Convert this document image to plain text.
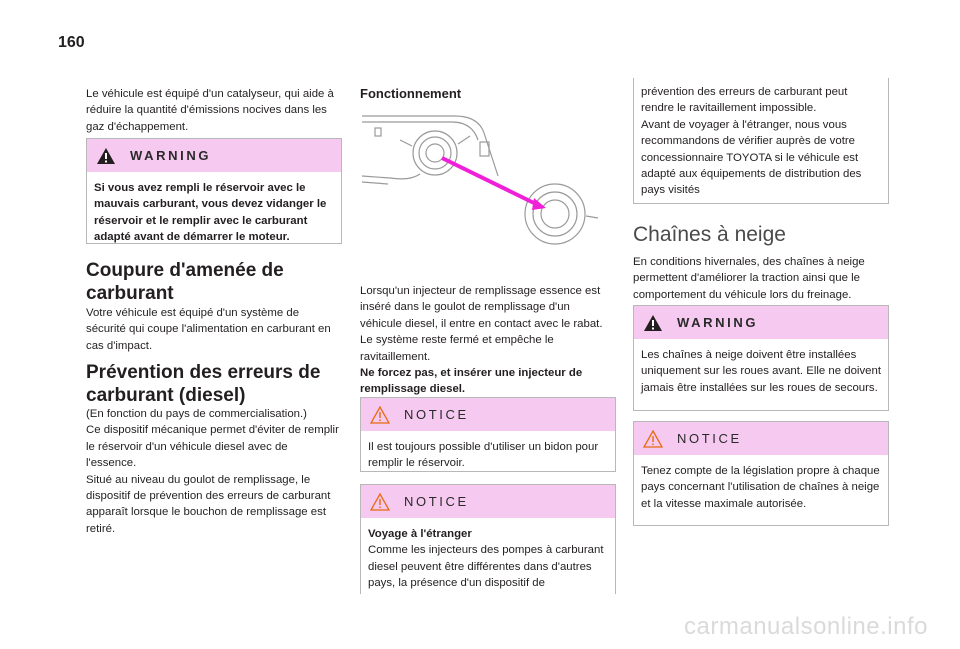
160

Le véhicule est équipé d'un catalyseur, qui aide à réduire la quantité d'émissions nocives dans les gaz d'échappement.

WARNING

Si vous avez rempli le réservoir avec le mauvais carburant, vous devez vidanger le réservoir et le remplir avec le carburant adapté avant de démarrer le moteur.

Coupure d'amenée de
carburant

Votre véhicule est équipé d'un système de sécurité qui coupe l'alimentation en carburant en cas d'impact.

Prévention des erreurs de
carburant (diesel)

(En fonction du pays de commercialisation.)

Ce dispositif mécanique permet d'éviter de remplir le réservoir d'un véhicule diesel avec de l'essence.

Situé au niveau du goulot de remplissage, le dispositif de prévention des erreurs de carburant apparaît lorsque le bouchon de remplissage est retiré.

Fonctionnement

Lorsqu'un injecteur de remplissage essence est inséré dans le goulot de remplissage d'un véhicule diesel, il entre en contact avec le rabat. Le système reste fermé et empêche le ravitaillement.

Ne forcez pas, et insérer une injecteur de remplissage diesel.

NOTICE

Il est toujours possible d'utiliser un bidon pour remplir le réservoir.

NOTICE

Voyage à l'étranger

Comme les injecteurs des pompes à carburant diesel peuvent être différentes dans d'autres pays, la présence d'un dispositif de

prévention des erreurs de carburant peut rendre le ravitaillement impossible.

Avant de voyager à l'étranger, nous vous recommandons de vérifier auprès de votre concessionnaire TOYOTA si le véhicule est adapté aux équipements de distribution des pays visités

Chaînes à neige

En conditions hivernales, des chaînes à neige permettent d'améliorer la traction ainsi que le comportement du véhicule lors du freinage.

WARNING

Les chaînes à neige doivent être installées uniquement sur les roues avant. Elle ne doivent jamais être installées sur les roues de secours.

NOTICE

Tenez compte de la législation propre à chaque pays concernant l'utilisation de chaînes à neige et la vitesse maximale autorisée.

carmanualsonline.info
